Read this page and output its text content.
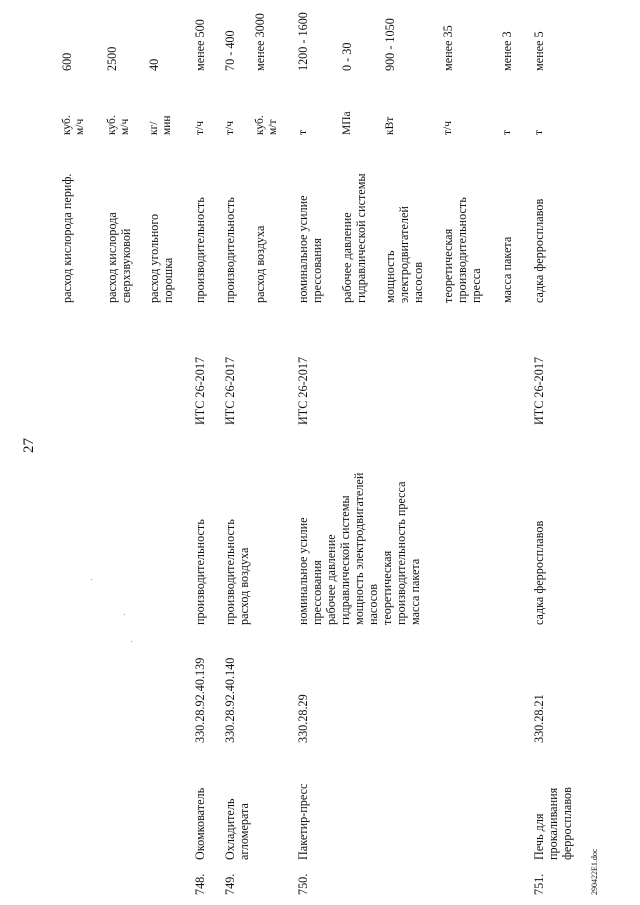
27
290422E1.doc
748.
Окомкователь
330.28.92.40.139
производительность
ИТС 26-2017
расход кислорода периф.
куб. м/ч
600
расход кислорода сверхзвуковой
куб. м/ч
2500
расход угольного порошка
кг/ мин
40
производительность
т/ч
менее 500
749.
Охладитель агломерата
330.28.92.40.140
производительность расход воздуха
ИТС 26-2017
производительность
т/ч
70 - 400
расход воздуха
куб. м/т
менее 3000
750.
Пакетир-пресс
330.28.29
номинальное усилие прессования рабочее давление гидравлической системы мощность электродвигателей насосов теоретическая производительность пресса масса пакета
ИТС 26-2017
номинальное усилие прессования
т
1200 - 1600
рабочее давление гидравлической системы
МПа
0 - 30
мощность электродвигателей насосов
кВт
900 - 1050
теоретическая производительность пресса
т/ч
менее 35
масса пакета
т
менее 3
751.
Печь для прокаливания ферросплавов
330.28.21
садка ферросплавов
ИТС 26-2017
садка ферросплавов
т
менее 5
